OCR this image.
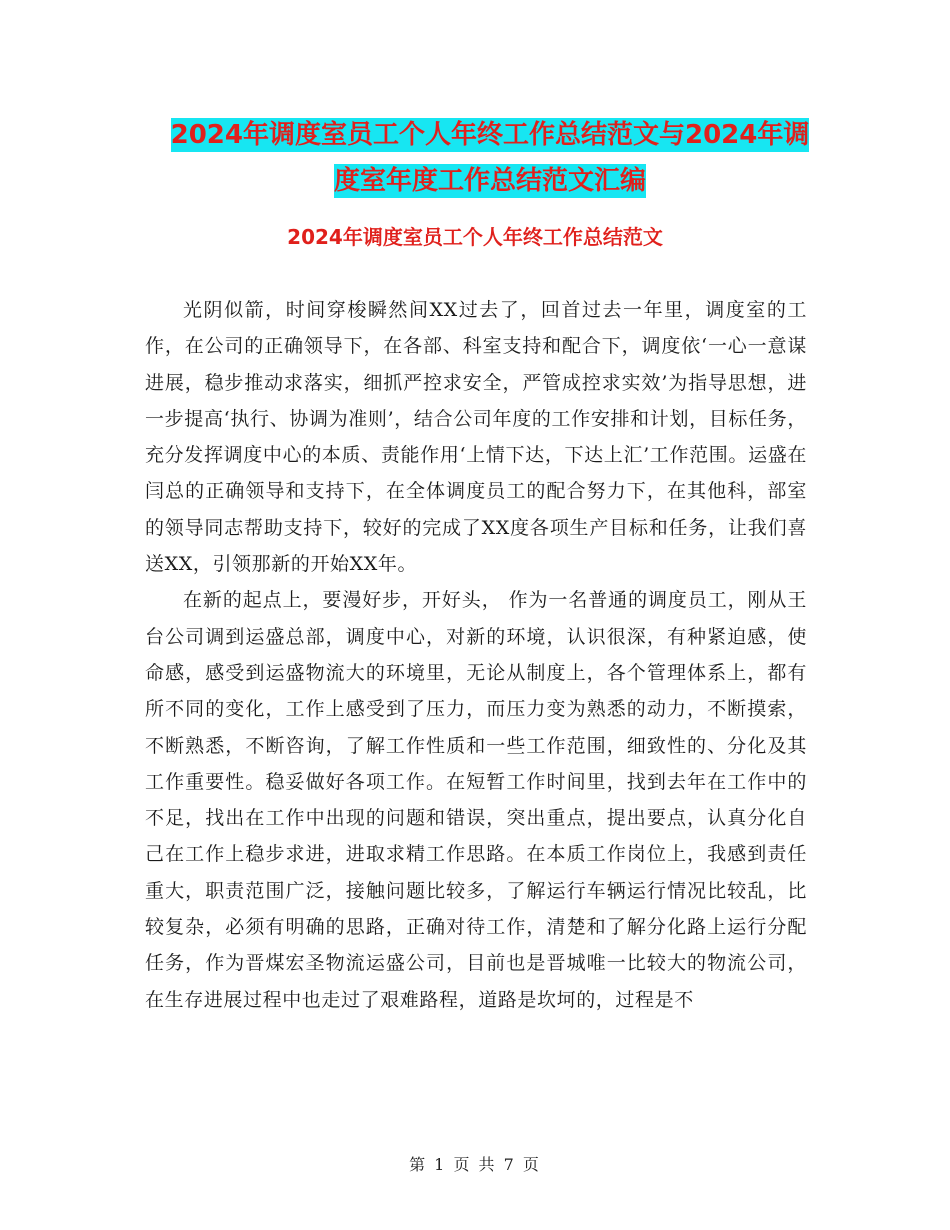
2024年调度室员工个人年终工作总结范文与2024年调
度室年度工作总结范文汇编
2024年调度室员工个人年终工作总结范文

光阴似箭，时间穿梭瞬然间XX过去了，回首过去一年里，调度室的工作，在公司的正确领导下，在各部、科室支持和配合下，调度依‘一心一意谋进展，稳步推动求落实，细抓严控求安全，严管成控求实效’为指导思想，进一步提高‘执行、协调为准则’，结合公司年度的工作安排和计划，目标任务，充分发挥调度中心的本质、责能作用‘上情下达，下达上汇’工作范围。运盛在闫总的正确领导和支持下，在全体调度员工的配合努力下，在其他科，部室的领导同志帮助支持下，较好的完成了XX度各项生产目标和任务，让我们喜送XX，引领那新的开始XX年。

在新的起点上，要漫好步，开好头， 作为一名普通的调度员工，刚从王台公司调到运盛总部，调度中心，对新的环境，认识很深，有种紧迫感，使命感，感受到运盛物流大的环境里，无论从制度上，各个管理体系上，都有所不同的变化，工作上感受到了压力，而压力变为熟悉的动力，不断摸索，不断熟悉，不断咨询，了解工作性质和一些工作范围，细致性的、分化及其工作重要性。稳妥做好各项工作。在短暂工作时间里，找到去年在工作中的不足，找出在工作中出现的问题和错误，突出重点，提出要点，认真分化自己在工作上稳步求进，进取求精工作思路。在本质工作岗位上，我感到责任重大，职责范围广泛，接触问题比较多，了解运行车辆运行情况比较乱，比较复杂，必须有明确的思路，正确对待工作，清楚和了解分化路上运行分配任务，作为晋煤宏圣物流运盛公司，目前也是晋城唯一比较大的物流公司，在生存进展过程中也走过了艰难路程，道路是坎坷的，过程是不

第 1 页 共 7 页
